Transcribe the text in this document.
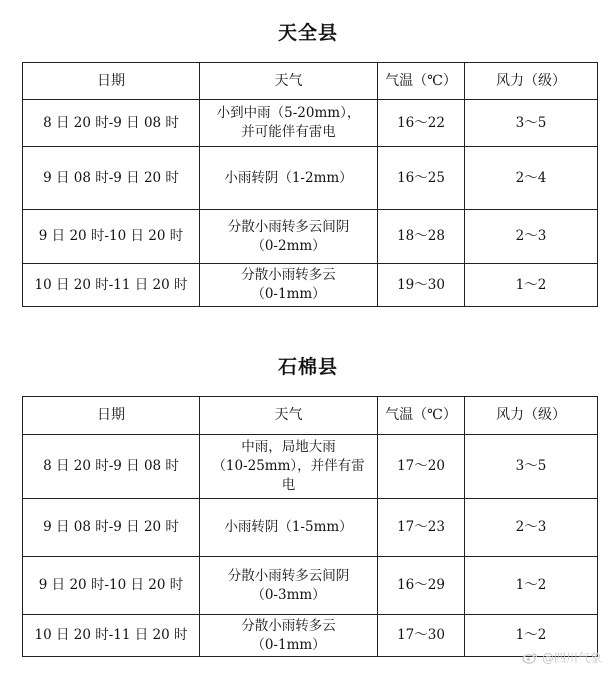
天全县
日期	天气	气温（℃）	风力（级）
8 日 20 时-9 日 08 时	小到中雨（5-20mm），
并可能伴有雷电	16～22	3～5
9 日 08 时-9 日 20 时	小雨转阴（1-2mm）	16～25	2～4
9 日 20 时-10 日 20 时	分散小雨转多云间阴
（0-2mm）	18～28	2～3
10 日 20 时-11 日 20 时	分散小雨转多云
（0-1mm）	19～30	1～2
石棉县
日期	天气	气温（℃）	风力（级）
8 日 20 时-9 日 08 时	中雨，局地大雨
（10-25mm），并伴有雷
电	17～20	3～5
9 日 08 时-9 日 20 时	小雨转阴（1-5mm）	17～23	2～3
9 日 20 时-10 日 20 时	分散小雨转多云间阴
（0-3mm）	16～29	1～2
10 日 20 时-11 日 20 时	分散小雨转多云
（0-1mm）	17～30	1～2
@四川气象
